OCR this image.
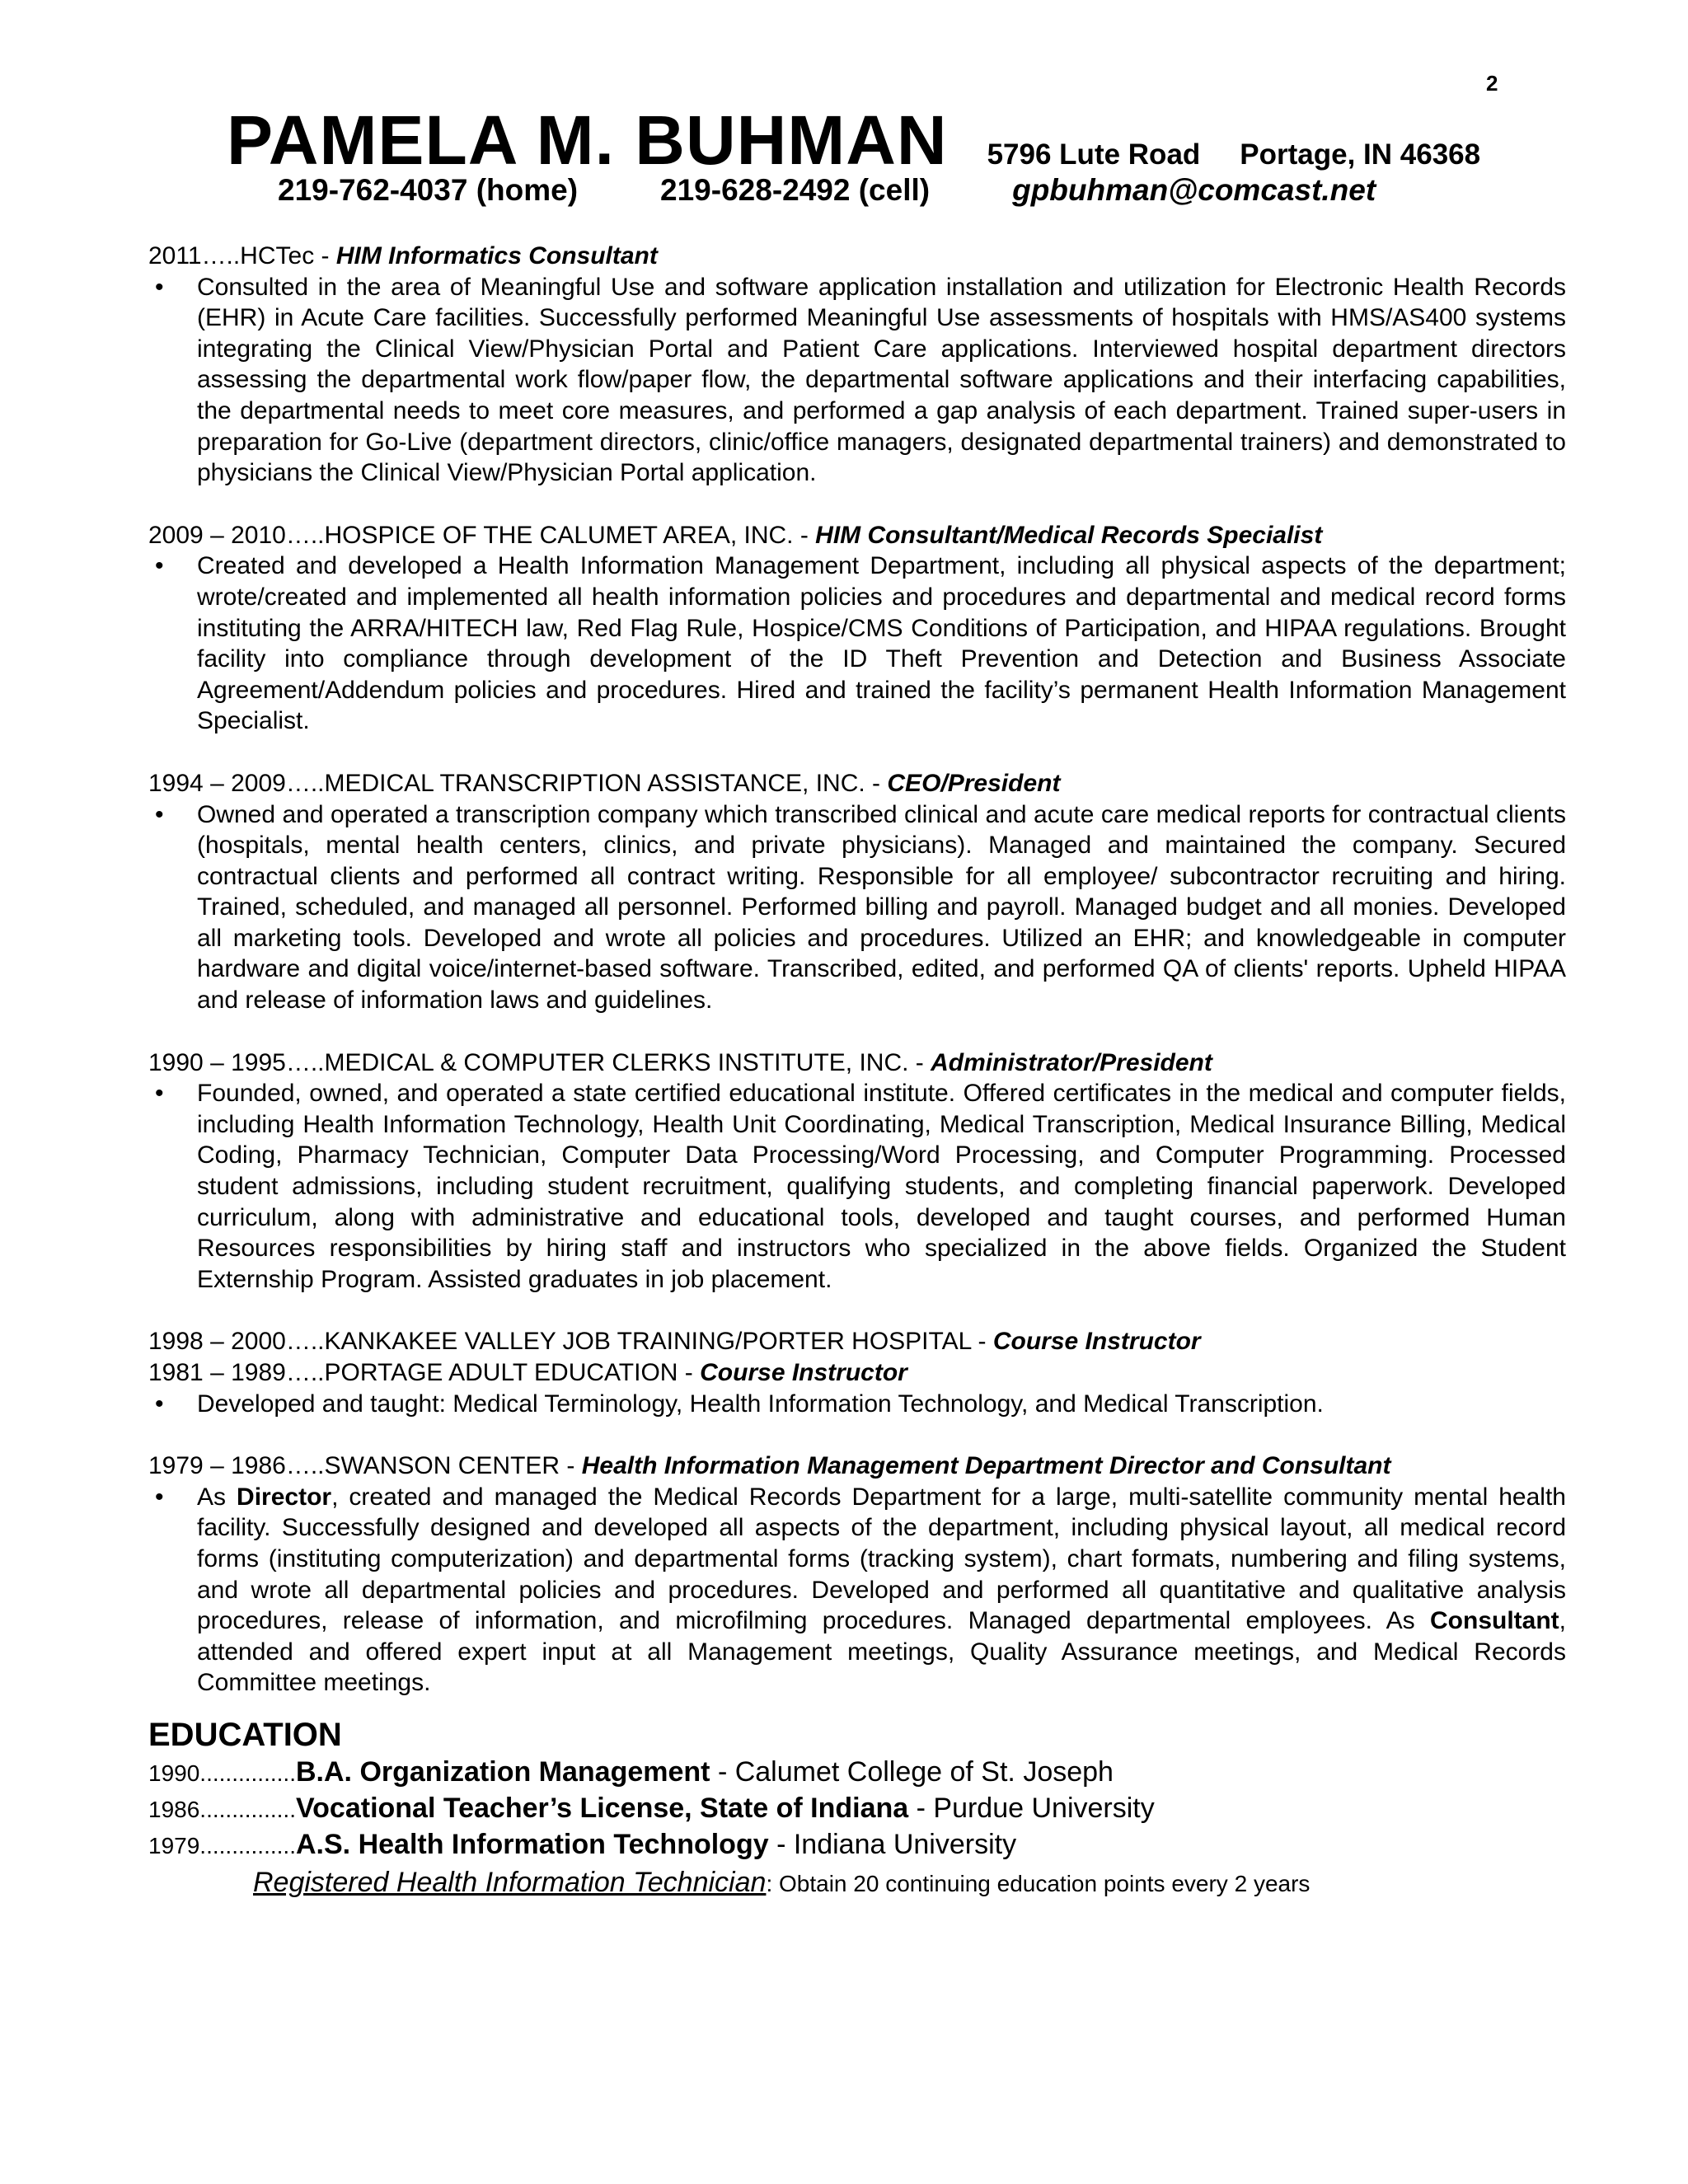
2
PAMELA M. BUHMAN 5796 Lute Road Portage, IN 46368
219-762-4037 (home)	219-628-2492 (cell)	gpbuhman@comcast.net
2011…..HCTec - HIM Informatics Consultant

• Consulted in the area of Meaningful Use and software application installation and utilization for Electronic Health Records (EHR) in Acute Care facilities. Successfully performed Meaningful Use assessments of hospitals with HMS/AS400 systems integrating the Clinical View/Physician Portal and Patient Care applications. Interviewed hospital department directors assessing the departmental work flow/paper flow, the departmental software applications and their interfacing capabilities, the departmental needs to meet core measures, and performed a gap analysis of each department. Trained super-users in preparation for Go-Live (department directors, clinic/office managers, designated departmental trainers) and demonstrated to physicians the Clinical View/Physician Portal application.

2009 – 2010…..HOSPICE OF THE CALUMET AREA, INC. - HIM Consultant/Medical Records Specialist

• Created and developed a Health Information Management Department, including all physical aspects of the department; wrote/created and implemented all health information policies and procedures and departmental and medical record forms instituting the ARRA/HITECH law, Red Flag Rule, Hospice/CMS Conditions of Participation, and HIPAA regulations. Brought facility into compliance through development of the ID Theft Prevention and Detection and Business Associate Agreement/Addendum policies and procedures. Hired and trained the facility’s permanent Health Information Management Specialist.

1994 – 2009…..MEDICAL TRANSCRIPTION ASSISTANCE, INC. - CEO/President

• Owned and operated a transcription company which transcribed clinical and acute care medical reports for contractual clients (hospitals, mental health centers, clinics, and private physicians). Managed and maintained the company. Secured contractual clients and performed all contract writing. Responsible for all employee/ subcontractor recruiting and hiring. Trained, scheduled, and managed all personnel. Performed billing and payroll. Managed budget and all monies. Developed all marketing tools. Developed and wrote all policies and procedures. Utilized an EHR; and knowledgeable in computer hardware and digital voice/internet-based software. Transcribed, edited, and performed QA of clients' reports. Upheld HIPAA and release of information laws and guidelines.

1990 – 1995…..MEDICAL & COMPUTER CLERKS INSTITUTE, INC. - Administrator/President

• Founded, owned, and operated a state certified educational institute. Offered certificates in the medical and computer fields, including Health Information Technology, Health Unit Coordinating, Medical Transcription, Medical Insurance Billing, Medical Coding, Pharmacy Technician, Computer Data Processing/Word Processing, and Computer Programming. Processed student admissions, including student recruitment, qualifying students, and completing financial paperwork. Developed curriculum, along with administrative and educational tools, developed and taught courses, and performed Human Resources responsibilities by hiring staff and instructors who specialized in the above fields. Organized the Student Externship Program. Assisted graduates in job placement.

1998 – 2000…..KANKAKEE VALLEY JOB TRAINING/PORTER HOSPITAL - Course Instructor
1981 – 1989…..PORTAGE ADULT EDUCATION - Course Instructor

• Developed and taught: Medical Terminology, Health Information Technology, and Medical Transcription.

1979 – 1986…..SWANSON CENTER - Health Information Management Department Director and Consultant

• As Director, created and managed the Medical Records Department for a large, multi-satellite community mental health facility. Successfully designed and developed all aspects of the department, including physical layout, all medical record forms (instituting computerization) and departmental forms (tracking system), chart formats, numbering and filing systems, and wrote all departmental policies and procedures. Developed and performed all quantitative and qualitative analysis procedures, release of information, and microfilming procedures. Managed departmental employees. As Consultant, attended and offered expert input at all Management meetings, Quality Assurance meetings, and Medical Records Committee meetings.

EDUCATION
1990...............B.A. Organization Management - Calumet College of St. Joseph
1986...............Vocational Teacher’s License, State of Indiana - Purdue University
1979...............A.S. Health Information Technology - Indiana University
Registered Health Information Technician: Obtain 20 continuing education points every 2 years
